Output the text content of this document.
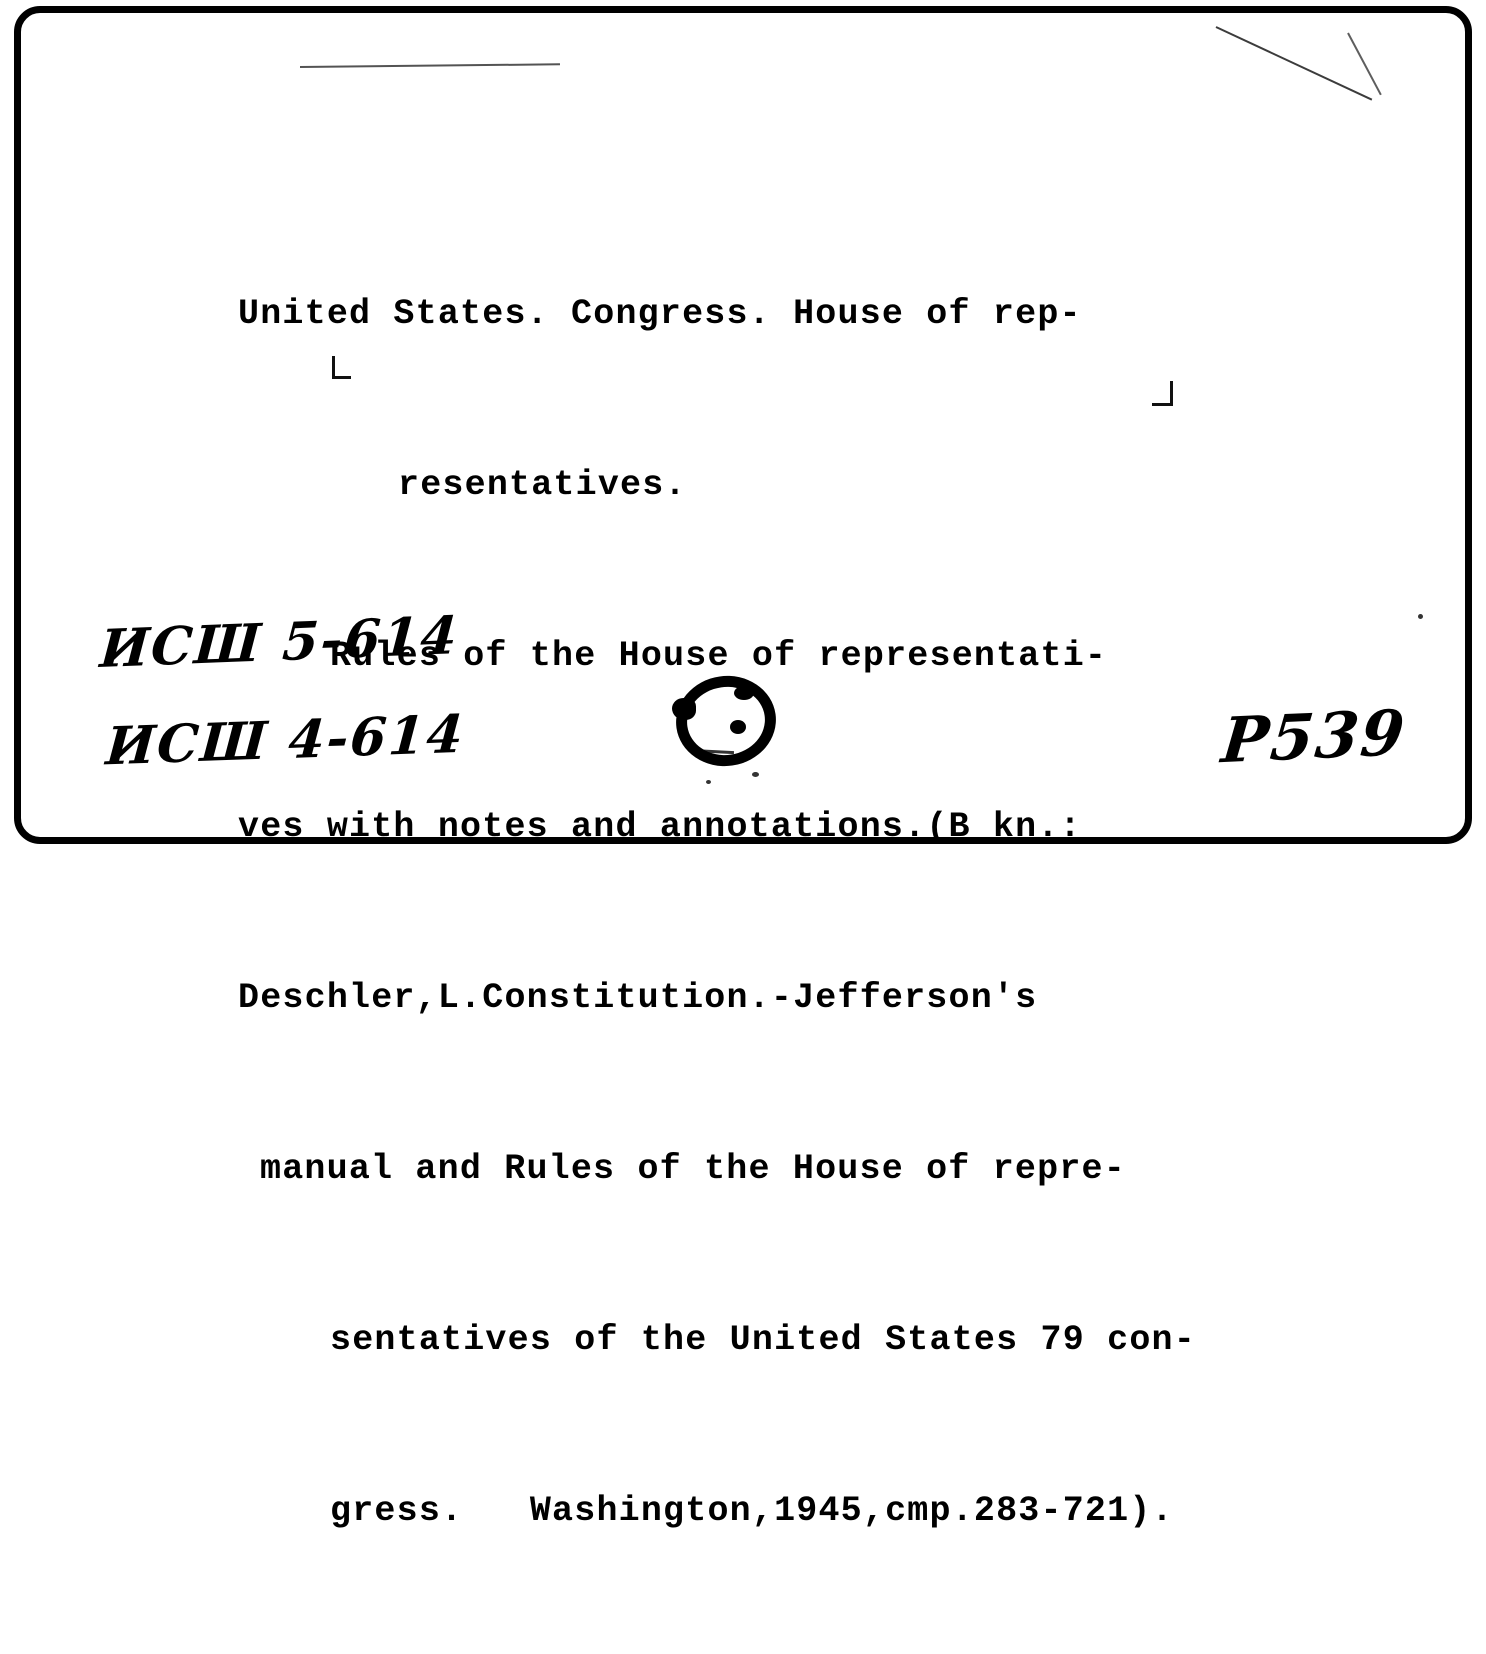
United States. Congress. House of rep-

resentatives.

Rules of the House of representati-

ves with notes and annotations.(B kn.:

Deschler,L.Constitution.-Jefferson's

manual and Rules of the House of repre-

sentatives of the United States 79 con-

gress.   Washington,1945,cmp.283-721).

ИСШ 5-614
ИСШ 4-614	Р539
